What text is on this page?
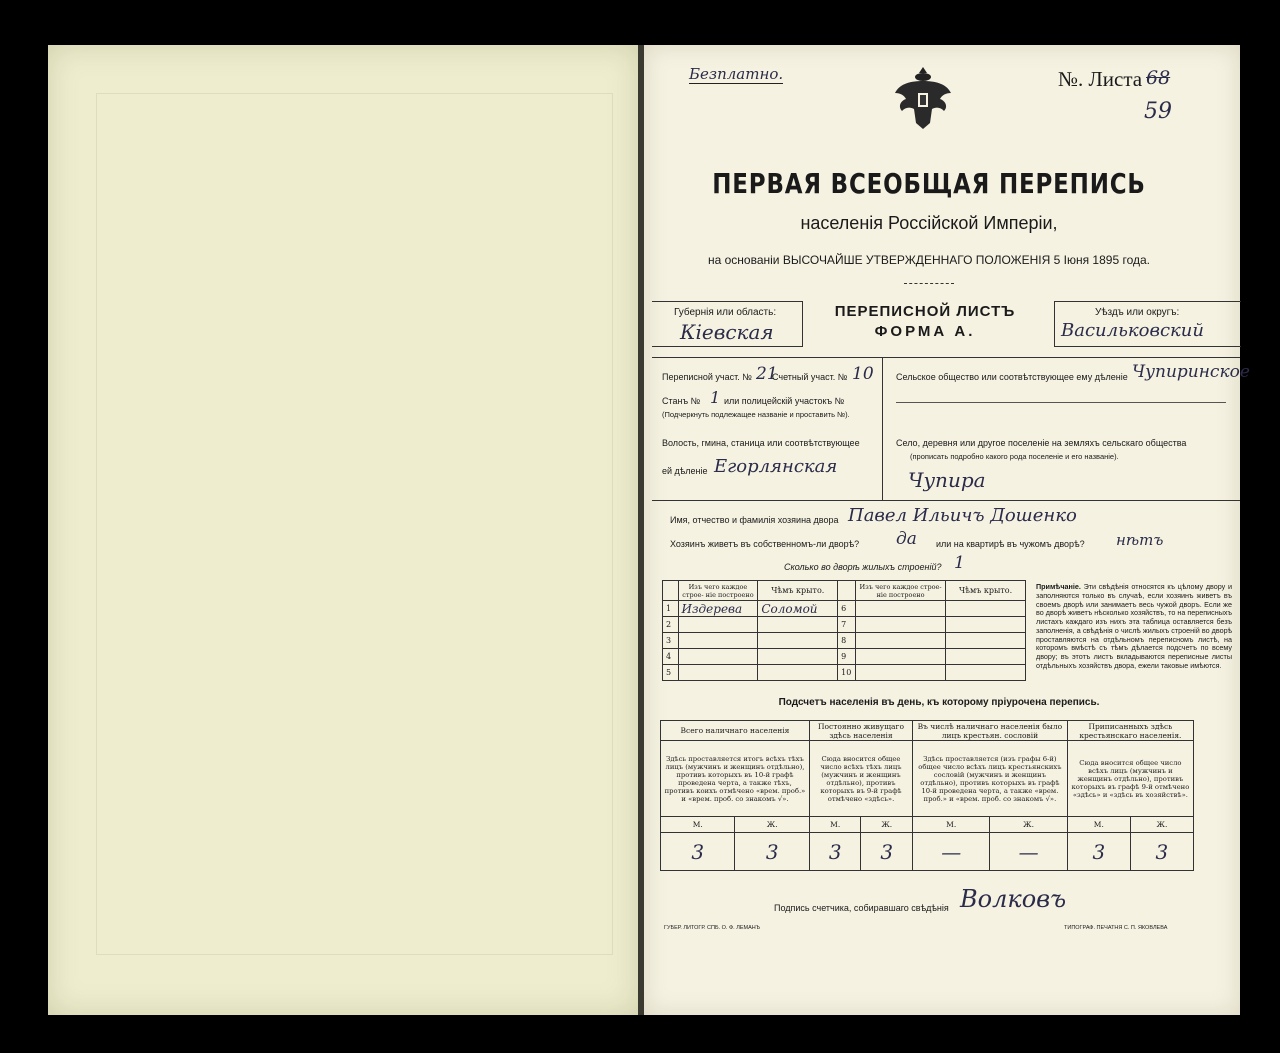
Безплатно.	№. Листа 68
59
ПЕРВАЯ ВСЕОБЩАЯ ПЕРЕПИСЬ
населенія Россійской Имперіи,
на основаніи ВЫСОЧАЙШЕ УТВЕРЖДЕННАГО ПОЛОЖЕНІЯ 5 Іюня 1895 года.
Губернія или область:
Кiевская
ПЕРЕПИСНОЙ ЛИСТЪ
ФОРМА А.
Уѣздъ или округъ:
Васильковский
Переписной участ. № 21
Счетный участ. № 10
Станъ № 1 или полицейскій участокъ №
(Подчеркнуть подлежащее названіе и проставить №).
Волость, гмина, станица или соотвѣтствующее
ей дѣленіе Егорлянская
Сельское общество или соотвѣтствующее ему дѣленіе Чупиринское
Село, деревня или другое поселеніе на земляхъ сельскаго общества
(прописать подробно какого рода поселеніе и его названіе).
Чупира
Имя, отчество и фамилія хозяина двора Павел Ильичъ Дошенко
Хозяинъ живетъ въ собственномъ-ли дворѣ? да или на квартирѣ въ чужомъ дворѣ? нѣтъ
Сколько во дворѣ жилыхъ строеній? 1
	Изъ чего каждое строе- ніе построено	Чѣмъ крыто.		Изъ чего каждое строе- ніе построено	Чѣмъ крыто.
1	Издерева	Соломой	6		
2			7		
3			8		
4			9		
5			10		
Примѣчаніе. Эти свѣдѣнія относятся къ цѣлому двору и заполняются только въ случаѣ, если хозяинъ живетъ въ своемъ дворѣ или занимаетъ весь чужой дворъ. Если же во дворѣ живетъ нѣсколько хозяйствъ, то на переписныхъ листахъ каждаго изъ нихъ эта таблица оставляется безъ заполненія, а свѣдѣнія о числѣ жилыхъ строеній во дворѣ проставляются на отдѣльномъ переписномъ листѣ, на которомъ вмѣстѣ съ тѣмъ дѣлается подсчетъ по всему двору; въ этотъ листъ вкладываются переписные листы отдѣльныхъ хозяйствъ двора, ежели таковые имѣются.
Подсчетъ населенія въ день, къ которому пріурочена перепись.
Всего наличнаго населенія		Постоянно живущаго здѣсь населенія		Въ числѣ наличнаго населенія было лицъ крестьян. сословій		Приписанныхъ здѣсь крестьянскаго населенія.	
Здѣсь проставляется итогъ всѣхъ тѣхъ лицъ (мужчинъ и женщинъ отдѣльно), противъ которыхъ въ 10-й графѣ проведена черта, а также тѣхъ, противъ коихъ отмѣчено «врем. проб.» и «врем. проб. со знакомъ √».		Сюда вносится общее число всѣхъ тѣхъ лицъ (мужчинъ и женщинъ отдѣльно), противъ которыхъ въ 9-й графѣ отмѣчено «здѣсь».		Здѣсь проставляется (изъ графы 6-й) общее число всѣхъ лицъ крестьянскихъ сословій (мужчинъ и женщинъ отдѣльно), противъ которыхъ въ графѣ 10-й проведена черта, а также «врем. проб.» и «врем. проб. со знакомъ √».		Сюда вносится общее число всѣхъ лицъ (мужчинъ и женщинъ отдѣльно), противъ которыхъ въ графѣ 9-й отмѣчено «здѣсь» и «здѣсь въ хозяйствѣ».	
М.	Ж.	М.	Ж.	М.	Ж.	М.	Ж.
3	3	3	3	—	—	3	3
Подпись счетчика, собиравшаго свѣдѣнія Волковъ
ГУБЕР. ЛИТОГР. СПБ. О. Ф. ЛЕМАНЪ	ТИПОГРАФ. ПЕЧАТНЯ С. П. ЯКОВЛЕВА
